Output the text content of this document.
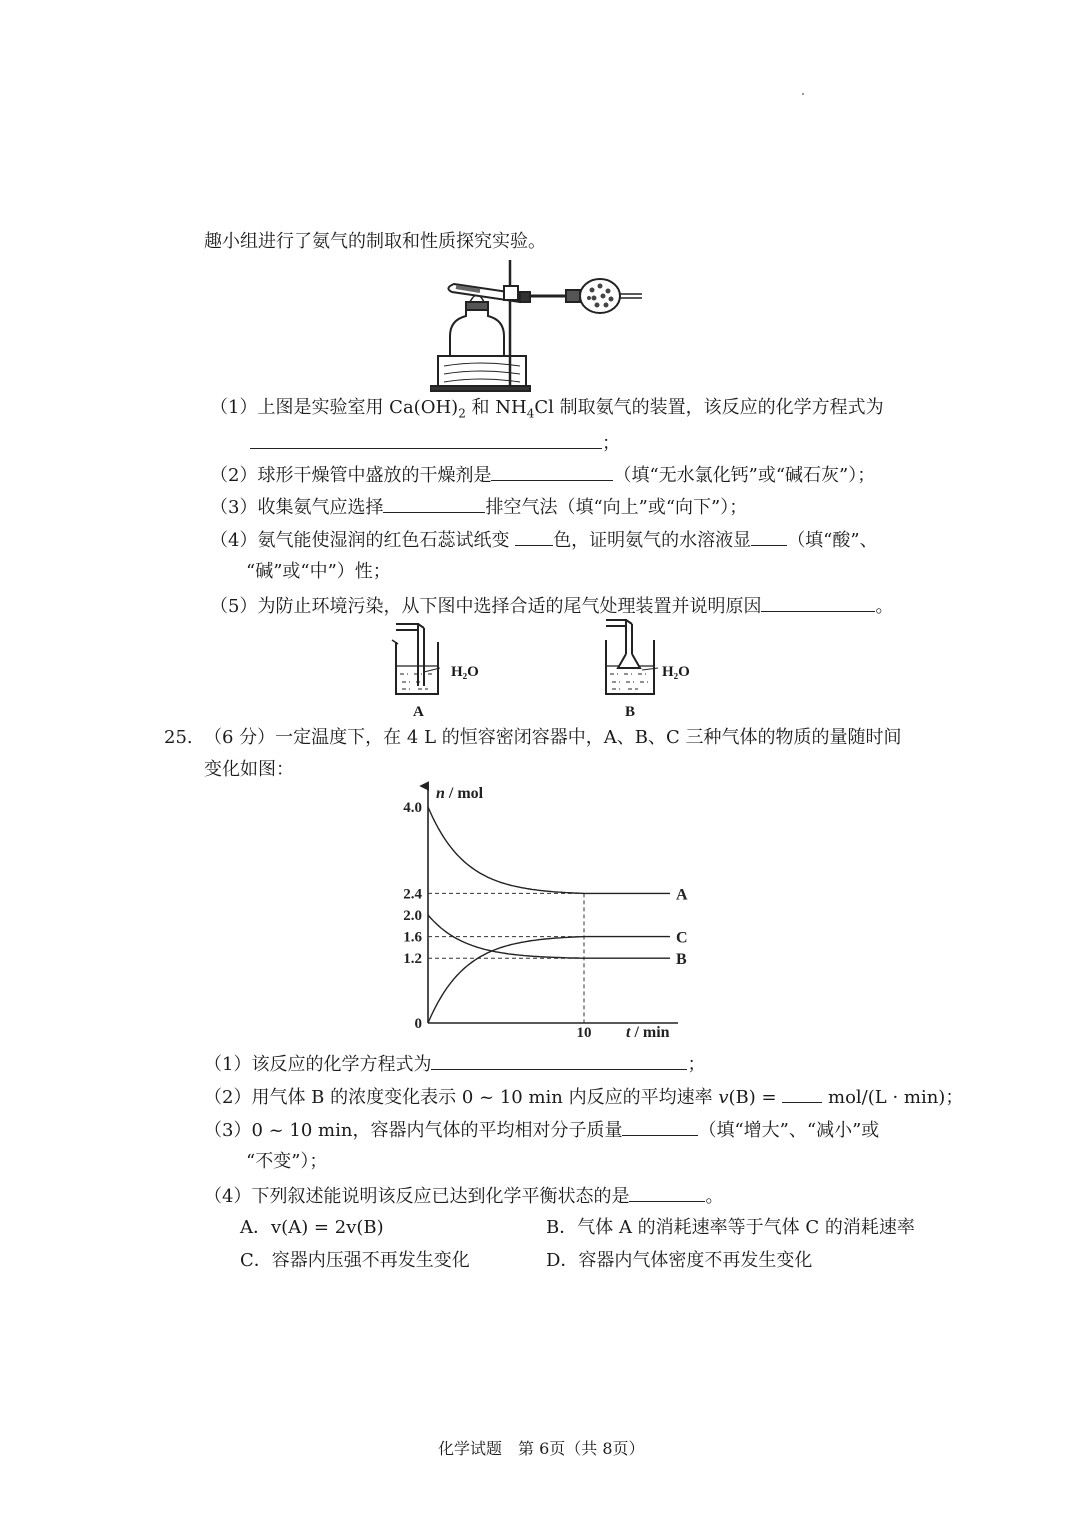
趣小组进行了氨气的制取和性质探究实验。
（1）上图是实验室用 $Ca(OH)_2$ 和 $NH_4Cl$ 制取氨气的装置，该反应的化学方程式为
；
（2）球形干燥管中盛放的干燥剂是	（填“无水氯化钙”或“碱石灰”）；
（3）收集氨气应选择	排空气法（填“向上”或“向下”）；
（4）氨气能使湿润的红色石蕊试纸变 色，证明氨气的水溶液显 （填“酸”、
“碱”或“中”）性；
（5）为防止环境污染，从下图中选择合适的尾气处理装置并说明原因	。
H₂O
A
H₂O
B
25. （6 分）一定温度下，在 4 L 的恒容密闭容器中，A、B、C 三种气体的物质的量随时间
变化如图：
n / mol
t / min
0
1.2
1.6
2.0
2.4
4.0
10
A
B
C
（1）该反应的化学方程式为	；
（2）用气体 B 的浓度变化表示 0 ~ 10 min 内反应的平均速率 v(B) =  mol/(L · min)；
（3）0 ~ 10 min，容器内气体的平均相对分子质量	（填“增大”、“减小”或
“不变”）；
（4）下列叙述能说明该反应已达到化学平衡状态的是	。
A．v(A) = 2v(B)	B．气体 A 的消耗速率等于气体 C 的消耗速率
C．容器内压强不再发生变化	D．容器内气体密度不再发生变化
化学试题　第 6页（共 8页）
